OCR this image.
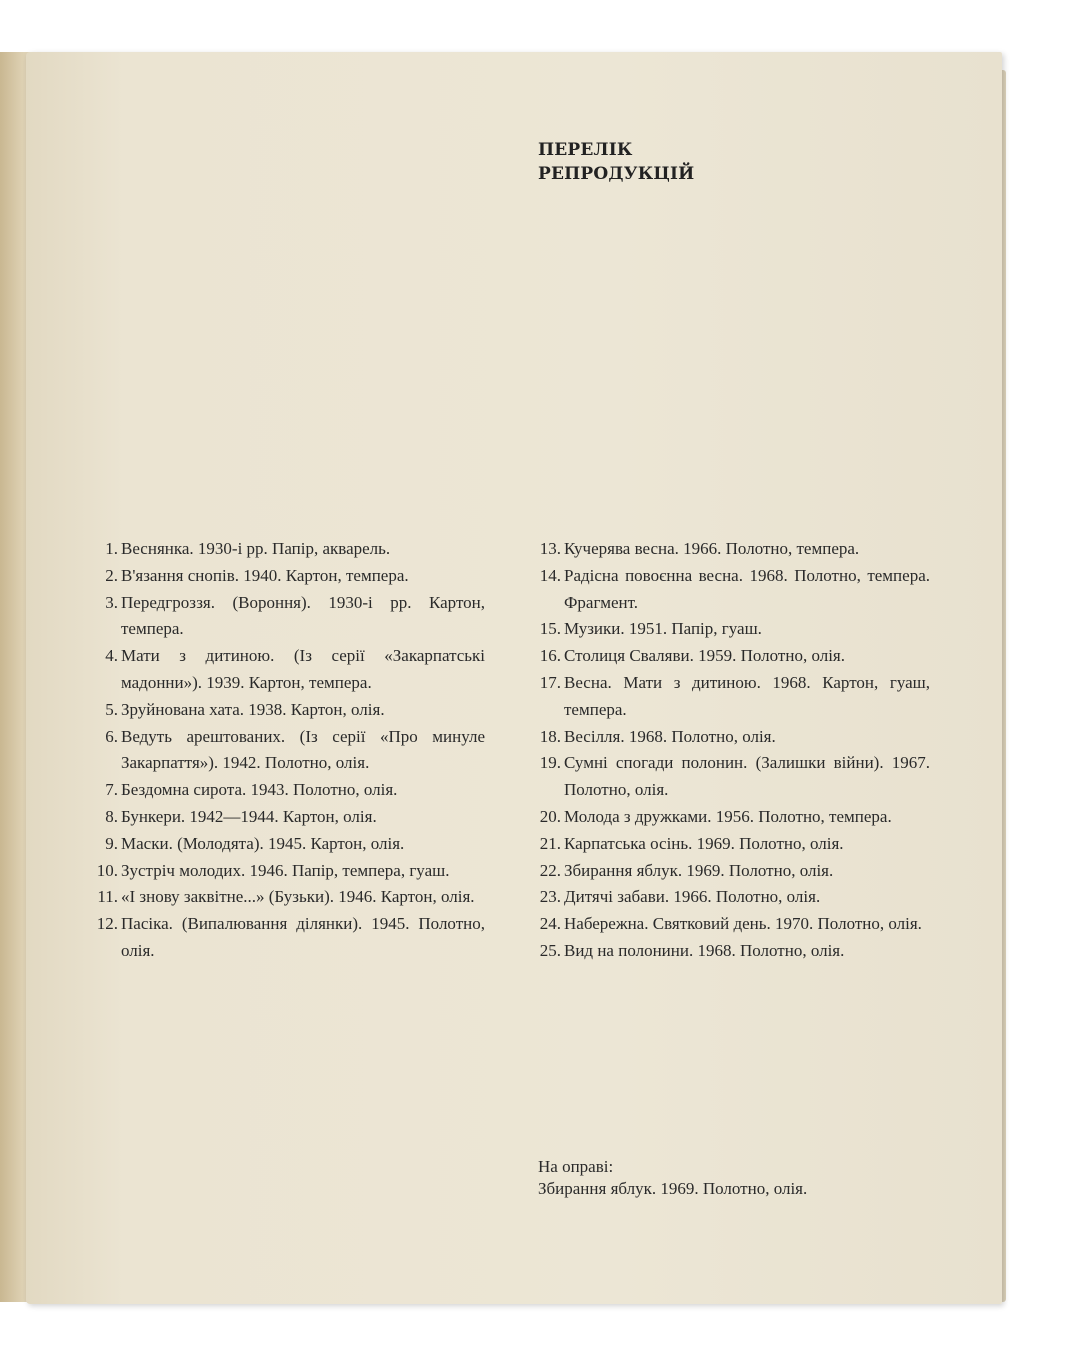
ПЕРЕЛІК
РЕПРОДУКЦІЙ
1. Веснянка. 1930-і рр. Папір, акварель.
2. В'язання снопів. 1940. Картон, темпера.
3. Передгроззя. (Вороння). 1930-і рр. Картон, темпера.
4. Мати з дитиною. (Із серії «Закарпатські мадонни»). 1939. Картон, темпера.
5. Зруйнована хата. 1938. Картон, олія.
6. Ведуть арештованих. (Із серії «Про минуле Закарпаття»). 1942. Полотно, олія.
7. Бездомна сирота. 1943. Полотно, олія.
8. Бункери. 1942—1944. Картон, олія.
9. Маски. (Молодята). 1945. Картон, олія.
10. Зустріч молодих. 1946. Папір, темпера, гуаш.
11. «І знову заквітне...» (Бузьки). 1946. Картон, олія.
12. Пасіка. (Випалювання ділянки). 1945. Полотно, олія.
13. Кучерява весна. 1966. Полотно, темпера.
14. Радісна повоєнна весна. 1968. Полотно, темпера. Фрагмент.
15. Музики. 1951. Папір, гуаш.
16. Столиця Сваляви. 1959. Полотно, олія.
17. Весна. Мати з дитиною. 1968. Картон, гуаш, темпера.
18. Весілля. 1968. Полотно, олія.
19. Сумні спогади полонин. (Залишки війни). 1967. Полотно, олія.
20. Молода з дружками. 1956. Полотно, темпера.
21. Карпатська осінь. 1969. Полотно, олія.
22. Збирання яблук. 1969. Полотно, олія.
23. Дитячі забави. 1966. Полотно, олія.
24. Набережна. Святковий день. 1970. Полотно, олія.
25. Вид на полонини. 1968. Полотно, олія.
На оправі:
Збирання яблук. 1969. Полотно, олія.
